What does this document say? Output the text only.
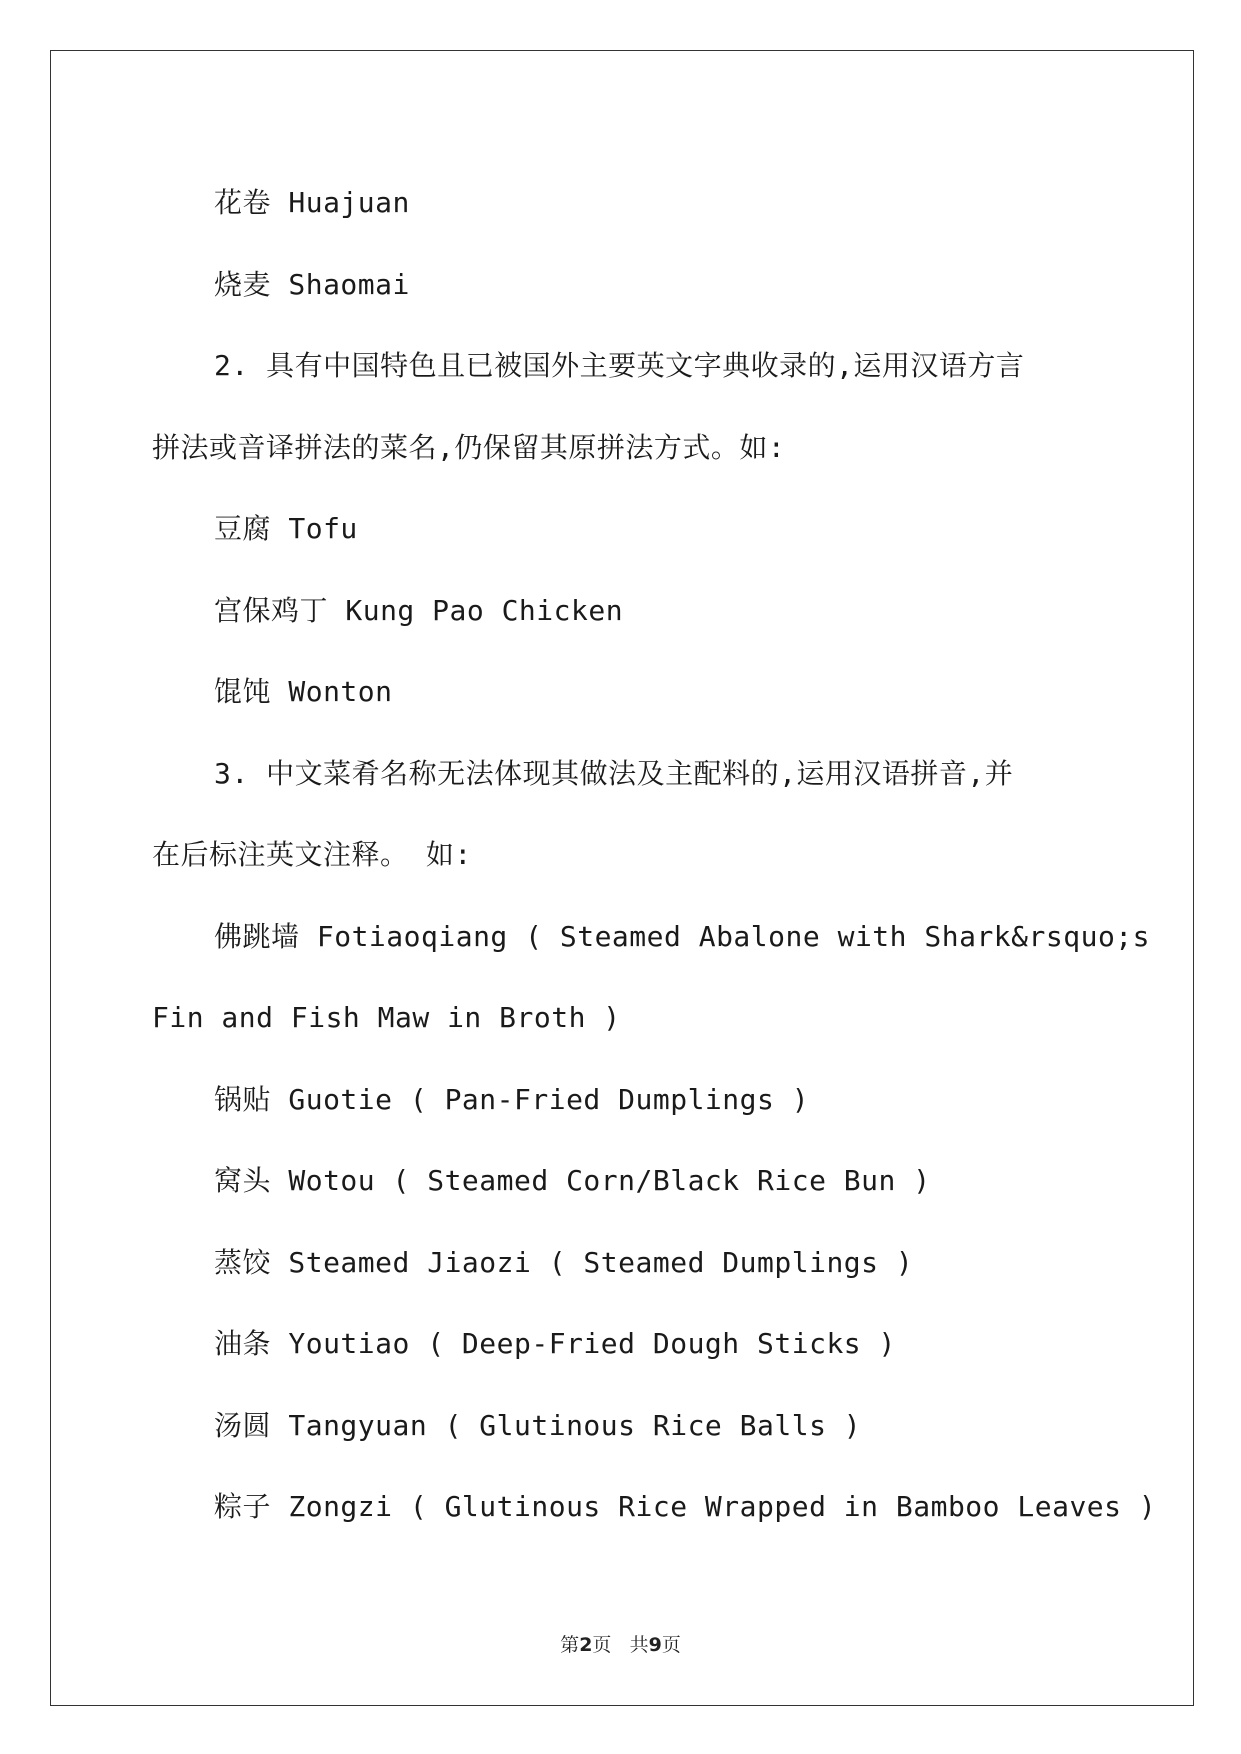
花卷 Huajuan
烧麦 Shaomai
2. 具有中国特色且已被国外主要英文字典收录的,运用汉语方言
拼法或音译拼法的菜名,仍保留其原拼法方式。如:
豆腐 Tofu
宫保鸡丁 Kung Pao Chicken
馄饨 Wonton
3. 中文菜肴名称无法体现其做法及主配料的,运用汉语拼音,并
在后标注英文注释。 如:
佛跳墙 Fotiaoqiang ( Steamed Abalone with Shark&rsquo;s
Fin and Fish Maw in Broth )
锅贴 Guotie ( Pan-Fried Dumplings )
窝头 Wotou ( Steamed Corn/Black Rice Bun )
蒸饺 Steamed Jiaozi ( Steamed Dumplings )
油条 Youtiao ( Deep-Fried Dough Sticks )
汤圆 Tangyuan ( Glutinous Rice Balls )
粽子 Zongzi ( Glutinous Rice Wrapped in Bamboo Leaves )
第2页 共9页
